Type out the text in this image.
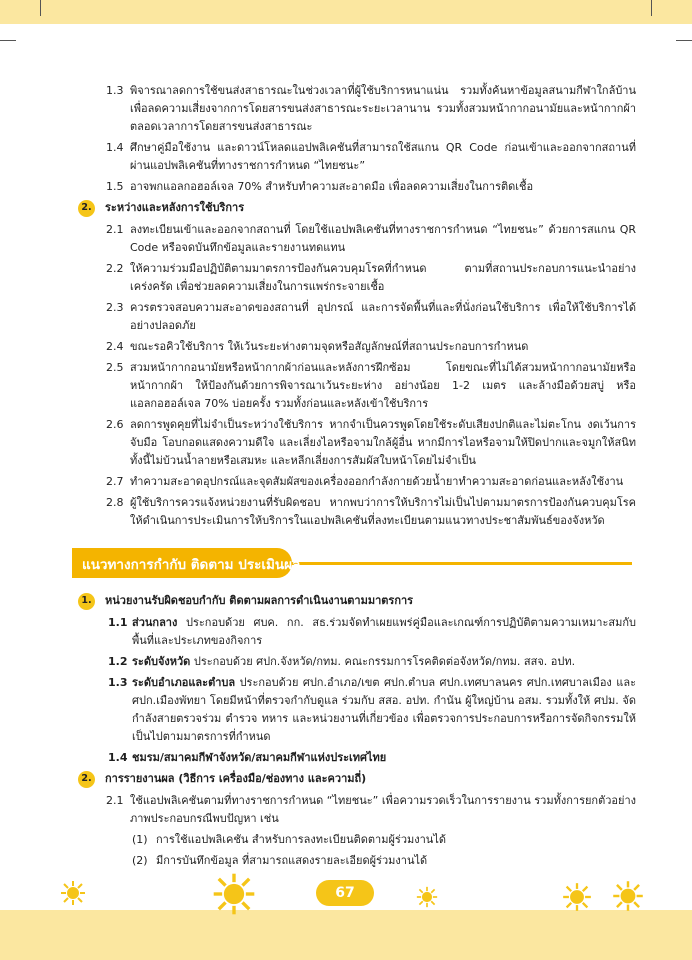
1.3 พิจารณาลดการใช้ขนส่งสาธารณะในช่วงเวลาที่ผู้ใช้บริการหนาแน่น รวมทั้งค้นหาข้อมูลสนามกีฬาใกล้บ้าน เพื่อลดความเสี่ยงจากการโดยสารขนส่งสาธารณะระยะเวลานาน รวมทั้งสวมหน้ากากอนามัยและหน้ากากผ้าตลอดเวลาการโดยสารขนส่งสาธารณะ
1.4 ศึกษาคู่มือใช้งาน และดาวน์โหลดแอปพลิเคชันที่สามารถใช้สแกน QR Code ก่อนเข้าและออกจากสถานที่ผ่านแอปพลิเคชันที่ทางราชการกำหนด “ไทยชนะ”
1.5 อาจพกแอลกอฮอล์เจล 70% สำหรับทำความสะอาดมือ เพื่อลดความเสี่ยงในการติดเชื้อ
2.	ระหว่างและหลังการใช้บริการ
2.1 ลงทะเบียนเข้าและออกจากสถานที่ โดยใช้แอปพลิเคชันที่ทางราชการกำหนด “ไทยชนะ” ด้วยการสแกน QR Code หรือจดบันทึกข้อมูลและรายงานทดแทน
2.2 ให้ความร่วมมือปฏิบัติตามมาตรการป้องกันควบคุมโรคที่กำหนด ตามที่สถานประกอบการแนะนำอย่างเคร่งครัด เพื่อช่วยลดความเสี่ยงในการแพร่กระจายเชื้อ
2.3 ควรตรวจสอบความสะอาดของสถานที่ อุปกรณ์ และการจัดพื้นที่และที่นั่งก่อนใช้บริการ เพื่อให้ใช้บริการได้อย่างปลอดภัย
2.4 ขณะรอคิวใช้บริการ ให้เว้นระยะห่างตามจุดหรือสัญลักษณ์ที่สถานประกอบการกำหนด
2.5 สวมหน้ากากอนามัยหรือหน้ากากผ้าก่อนและหลังการฝึกซ้อม โดยขณะที่ไม่ได้สวมหน้ากากอนามัยหรือหน้ากากผ้า ให้ป้องกันด้วยการพิจารณาเว้นระยะห่าง อย่างน้อย 1-2 เมตร และล้างมือด้วยสบู่ หรือแอลกอฮอล์เจล 70% บ่อยครั้ง รวมทั้งก่อนและหลังเข้าใช้บริการ
2.6 ลดการพูดคุยที่ไม่จำเป็นระหว่างใช้บริการ หากจำเป็นควรพูดโดยใช้ระดับเสียงปกติและไม่ตะโกน งดเว้นการจับมือ โอบกอดแสดงความดีใจ และเลี่ยงไอหรือจามใกล้ผู้อื่น หากมีการไอหรือจามให้ปิดปากและจมูกให้สนิท ทั้งนี้ไม่บ้วนน้ำลายหรือเสมหะ และหลีกเลี่ยงการสัมผัสใบหน้าโดยไม่จำเป็น
2.7 ทำความสะอาดอุปกรณ์และจุดสัมผัสของเครื่องออกกำลังกายด้วยน้ำยาทำความสะอาดก่อนและหลังใช้งาน
2.8 ผู้ใช้บริการควรแจ้งหน่วยงานที่รับผิดชอบ หากพบว่าการให้บริการไม่เป็นไปตามมาตรการป้องกันควบคุมโรค ให้ดำเนินการประเมินการให้บริการในแอปพลิเคชันที่ลงทะเบียนตามแนวทางประชาสัมพันธ์ของจังหวัด
แนวทางการกำกับ ติดตาม ประเมินผล
1.	หน่วยงานรับผิดชอบกำกับ ติดตามผลการดำเนินงานตามมาตรการ
1.1 ส่วนกลาง ประกอบด้วย ศบค. กก. สธ.ร่วมจัดทำเผยแพร่คู่มือและเกณฑ์การปฏิบัติตามความเหมาะสมกับพื้นที่และประเภทของกิจการ
1.2 ระดับจังหวัด ประกอบด้วย ศปก.จังหวัด/กทม. คณะกรรมการโรคติดต่อจังหวัด/กทม. สสจ. อปท.
1.3 ระดับอำเภอและตำบล ประกอบด้วย ศปก.อำเภอ/เขต ศปก.ตำบล ศปก.เทศบาลนคร ศปก.เทศบาลเมือง และศปก.เมืองพัทยา โดยมีหน้าที่ตรวจกำกับดูแล ร่วมกับ สสอ. อปท. กำนัน ผู้ใหญ่บ้าน อสม. รวมทั้งให้ ศปม. จัดกำลังสายตรวจร่วม ตำรวจ ทหาร และหน่วยงานที่เกี่ยวข้อง เพื่อตรวจการประกอบการหรือการจัดกิจกรรมให้เป็นไปตามมาตรการที่กำหนด
1.4 ชมรม/สมาคมกีฬาจังหวัด/สมาคมกีฬาแห่งประเทศไทย
2.	การรายงานผล (วิธีการ เครื่องมือ/ช่องทาง และความถี่)
2.1 ใช้แอปพลิเคชันตามที่ทางราชการกำหนด “ไทยชนะ” เพื่อความรวดเร็วในการรายงาน รวมทั้งการยกตัวอย่างภาพประกอบกรณีพบปัญหา เช่น
(1) การใช้แอปพลิเคชัน สำหรับการลงทะเบียนติดตามผู้ร่วมงานได้
(2) มีการบันทึกข้อมูล ที่สามารถแสดงรายละเอียดผู้ร่วมงานได้
67
